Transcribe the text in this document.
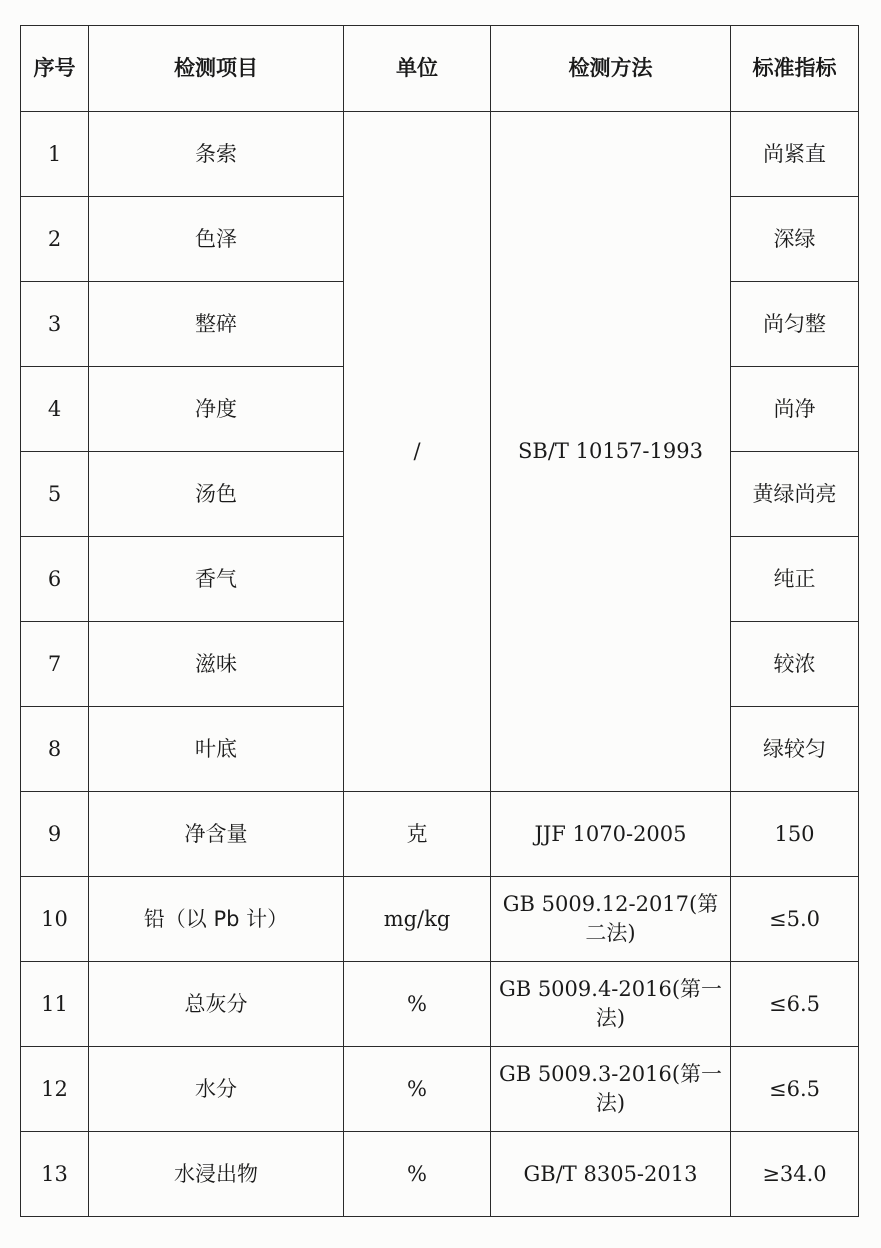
序号	检测项目	单位	检测方法	标准指标
1	条索	/	SB/T 10157-1993	尚紧直
2	色泽			深绿
3	整碎			尚匀整
4	净度			尚净
5	汤色			黄绿尚亮
6	香气			纯正
7	滋味			较浓
8	叶底			绿较匀
9	净含量	克	JJF 1070-2005	150
10	铅（以 Pb 计）	mg/kg	GB 5009.12-2017(第二法)	≤5.0
11	总灰分	%	GB 5009.4-2016(第一法)	≤6.5
12	水分	%	GB 5009.3-2016(第一法)	≤6.5
13	水浸出物	%	GB/T 8305-2013	≥34.0
